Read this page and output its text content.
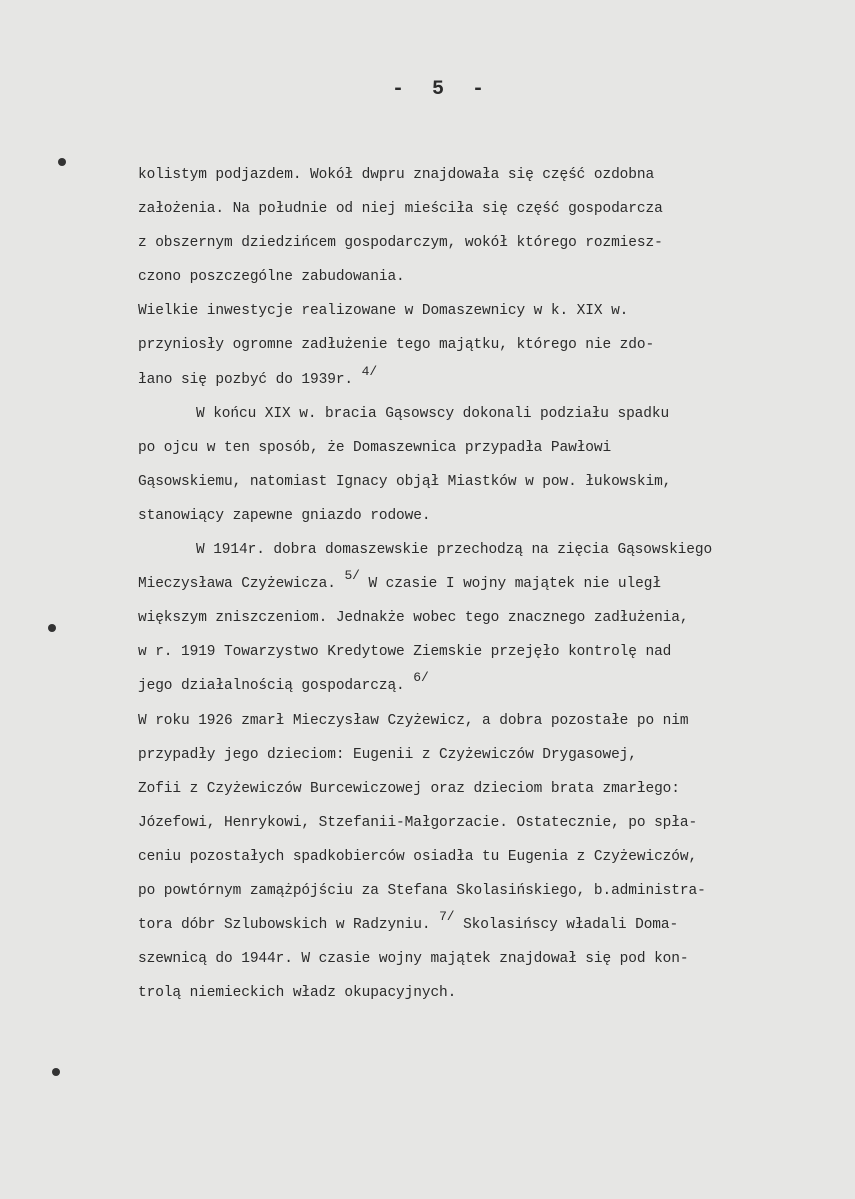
- 5 -
kolistym podjazdem. Wokół dwpru znajdowała się część ozdobna
założenia. Na południe od niej mieściła się część gospodarcza
z obszernym dziedzińcem gospodarczym, wokół którego rozmiesz-
czono poszczególne zabudowania.
Wielkie inwestycje realizowane w Domaszewnicy w k. XIX w.
przyniosły ogromne zadłużenie tego majątku, którego nie zdo-
łano się pozbyć do 1939r. 4/
W końcu XIX w. bracia Gąsowscy dokonali podziału spadku
po ojcu w ten sposób, że Domaszewnica przypadła Pawłowi
Gąsowskiemu, natomiast Ignacy objął Miastków w pow. łukowskim,
stanowiący zapewne gniazdo rodowe.
W 1914r. dobra domaszewskie przechodzą na zięcia Gąsowskiego
Mieczysława Czyżewicza. 5/ W czasie I wojny majątek nie uległ
większym zniszczeniom. Jednakże wobec tego znacznego zadłużenia,
w r. 1919 Towarzystwo Kredytowe Ziemskie przejęło kontrolę nad
jego działalnością gospodarczą. 6/
W roku 1926 zmarł Mieczysław Czyżewicz, a dobra pozostałe po nim
przypadły jego dzieciom: Eugenii z Czyżewiczów Drygasowej,
Zofii z Czyżewiczów Burcewiczowej oraz dzieciom brata zmarłego:
Józefowi, Henrykowi, Stzefanii-Małgorzacie. Ostatecznie, po spła-
ceniu pozostałych spadkobierców osiadła tu Eugenia z Czyżewiczów,
po powtórnym zamążpójściu za Stefana Skolasińskiego, b.administra-
tora dóbr Szlubowskich w Radzyniu. 7/ Skolasińscy władali Doma-
szewnicą do 1944r. W czasie wojny majątek znajdował się pod kon-
trolą niemieckich władz okupacyjnych.
